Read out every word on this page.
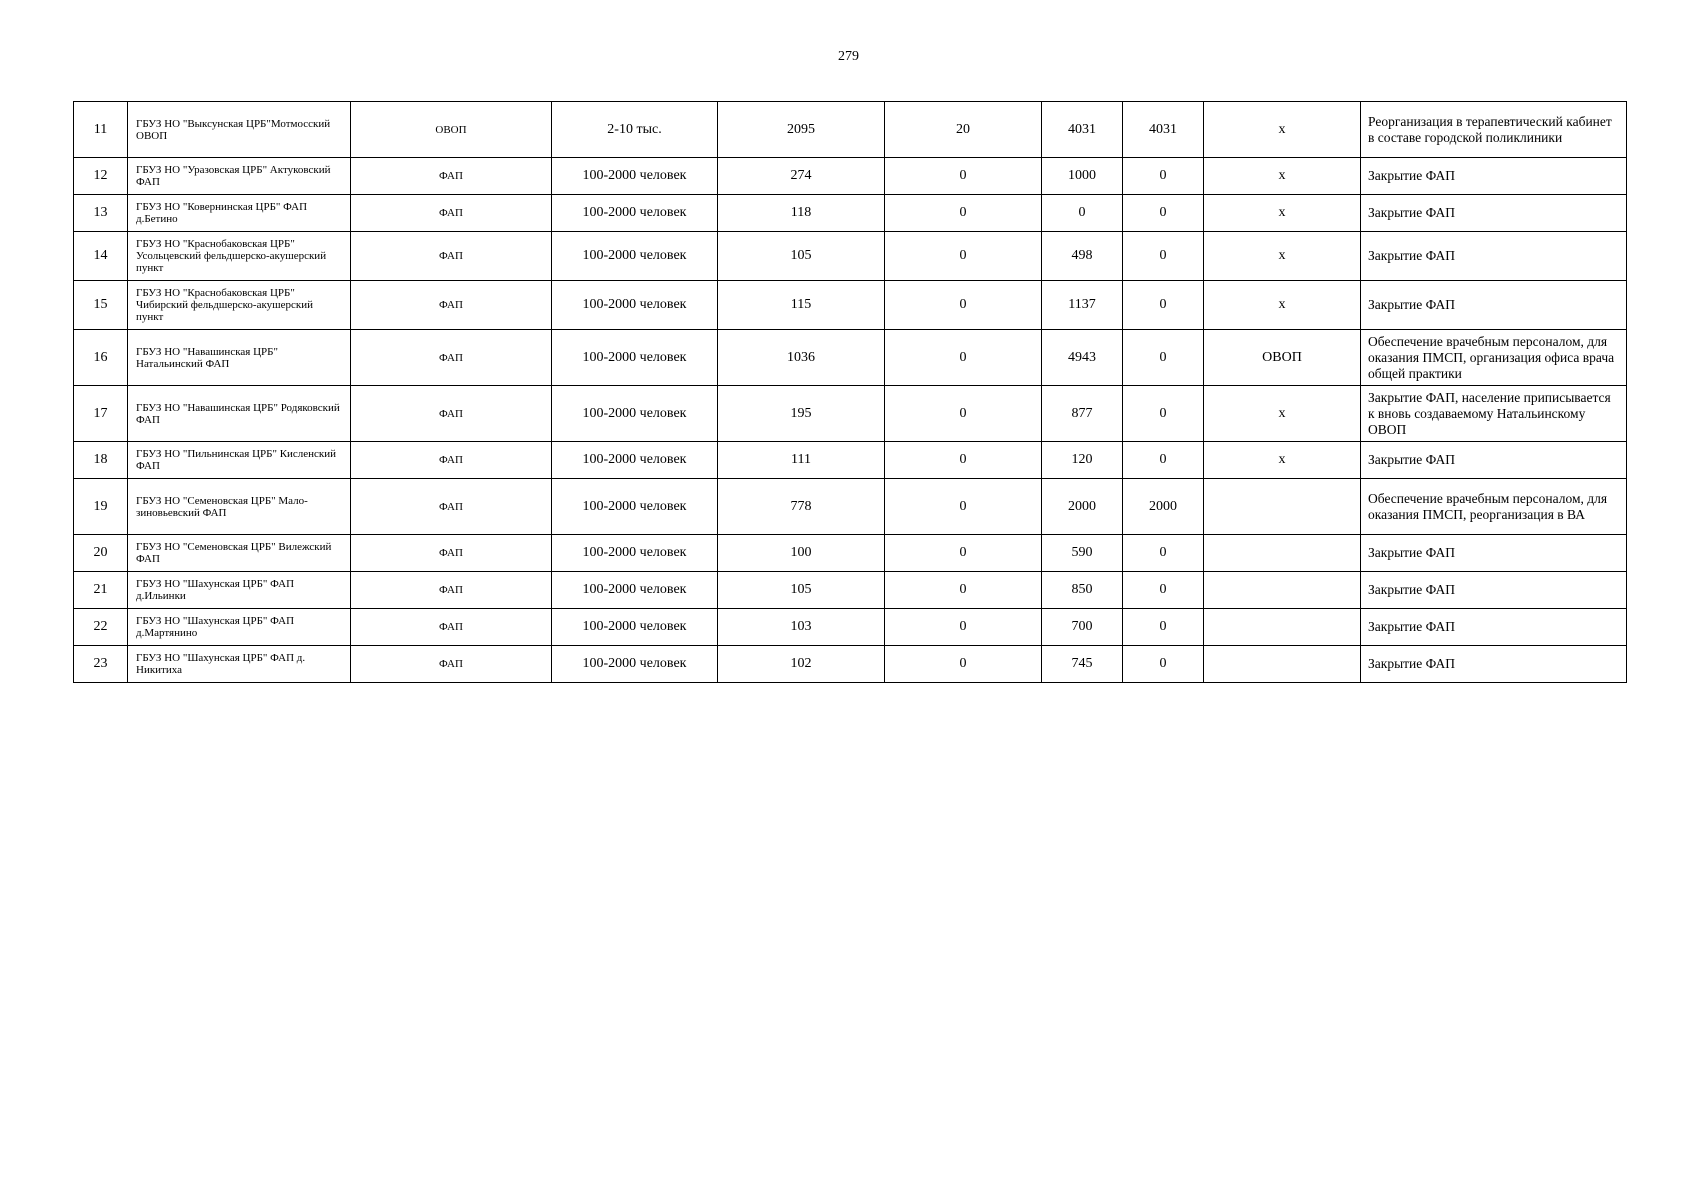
279
11	ГБУЗ НО "Выксунская ЦРБ"Мотмосский ОВОП	ОВОП	2-10 тыс.	2095	20	4031	4031	х	Реорганизация в терапевтический кабинет в составе городской поликлиники
12	ГБУЗ НО "Уразовская ЦРБ" Актуковский ФАП	ФАП	100-2000 человек	274	0	1000	0	х	Закрытие ФАП
13	ГБУЗ НО "Ковернинская ЦРБ" ФАП д.Бетино	ФАП	100-2000 человек	118	0	0	0	х	Закрытие ФАП
14	ГБУЗ НО "Краснобаковская ЦРБ" Усольцевский фельдшерско-акушерский пункт	ФАП	100-2000 человек	105	0	498	0	х	Закрытие ФАП
15	ГБУЗ НО "Краснобаковская ЦРБ" Чибирский фельдшерско-акушерский пункт	ФАП	100-2000 человек	115	0	1137	0	х	Закрытие ФАП
16	ГБУЗ НО "Навашинская ЦРБ" Натальинский ФАП	ФАП	100-2000 человек	1036	0	4943	0	ОВОП	Обеспечение врачебным персоналом, для оказания ПМСП, организация офиса врача общей практики
17	ГБУЗ НО "Навашинская ЦРБ" Родяковский ФАП	ФАП	100-2000 человек	195	0	877	0	х	Закрытие ФАП, население приписывается к вновь создаваемому Натальинскому ОВОП
18	ГБУЗ НО "Пильнинская ЦРБ" Кисленский ФАП	ФАП	100-2000 человек	111	0	120	0	х	Закрытие ФАП
19	ГБУЗ НО "Семеновская ЦРБ" Мало-зиновьевский ФАП	ФАП	100-2000 человек	778	0	2000	2000		Обеспечение врачебным персоналом, для оказания ПМСП, реорганизация в ВА
20	ГБУЗ НО "Семеновская ЦРБ" Вилежский ФАП	ФАП	100-2000 человек	100	0	590	0		Закрытие ФАП
21	ГБУЗ НО "Шахунская ЦРБ" ФАП д.Ильинки	ФАП	100-2000 человек	105	0	850	0		Закрытие ФАП
22	ГБУЗ НО "Шахунская ЦРБ" ФАП д.Мартянино	ФАП	100-2000 человек	103	0	700	0		Закрытие ФАП
23	ГБУЗ НО "Шахунская ЦРБ" ФАП д. Никитиха	ФАП	100-2000 человек	102	0	745	0		Закрытие ФАП
